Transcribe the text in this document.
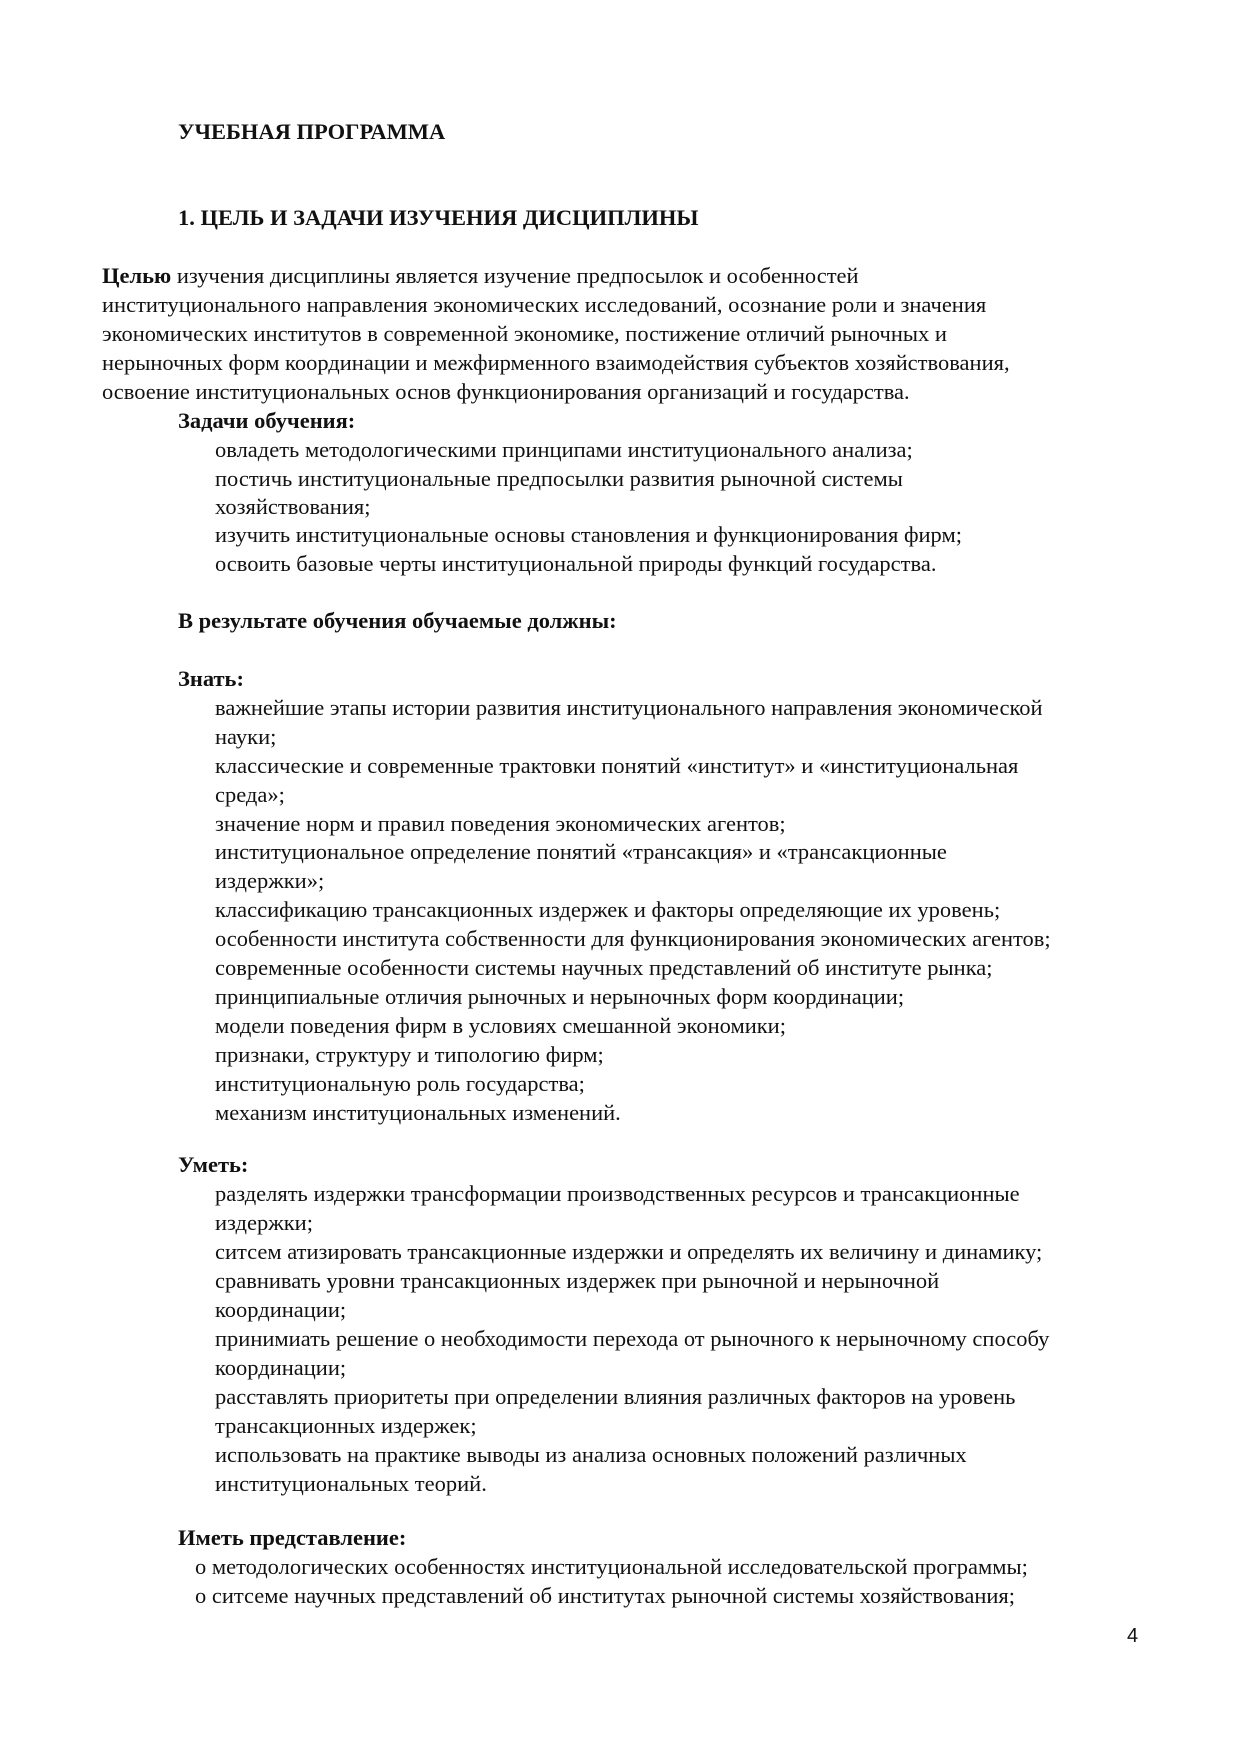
УЧЕБНАЯ ПРОГРАММА
1. ЦЕЛЬ И ЗАДАЧИ ИЗУЧЕНИЯ ДИСЦИПЛИНЫ
Целью изучения дисциплины является изучение предпосылок и особенностей
институционального направления экономических исследований, осознание роли и значения
экономических институтов в современной экономике, постижение отличий рыночных и
нерыночных форм координации и межфирменного взаимодействия субъектов хозяйствования,
освоение институциональных основ функционирования организаций и государства.
Задачи обучения:
овладеть методологическими принципами институционального анализа;
постичь институциональные предпосылки развития рыночной системы
хозяйствования;
изучить институциональные основы становления и функционирования фирм;
освоить базовые черты институциональной природы функций государства.
В результате обучения обучаемые должны:
Знать:
важнейшие этапы истории развития институционального направления экономической
науки;
классические и современные трактовки понятий «институт» и «институциональная
среда»;
значение норм и правил поведения экономических агентов;
институциональное определение понятий «трансакция» и «трансакционные
издержки»;
классификацию трансакционных издержек и факторы определяющие их уровень;
особенности института собственности для функционирования экономических агентов;
современные особенности системы научных представлений об институте рынка;
принципиальные отличия рыночных и нерыночных форм координации;
модели поведения фирм в условиях смешанной экономики;
признаки, структуру и типологию фирм;
институциональную роль государства;
механизм институциональных изменений.
Уметь:
разделять издержки трансформации производственных ресурсов и трансакционные
издержки;
ситсем атизировать трансакционные издержки и определять их величину и динамику;
сравнивать уровни трансакционных издержек при рыночной и нерыночной
координации;
принимиать решение о необходимости перехода от рыночного к нерыночному способу
координации;
расставлять приоритеты при определении влияния различных факторов на уровень
трансакционных издержек;
использовать на практике выводы из анализа основных положений различных
институциональных теорий.
Иметь представление:
о методологических особенностях институциональной исследовательской программы;
о ситсеме научных представлений об институтах рыночной системы хозяйствования;
4
